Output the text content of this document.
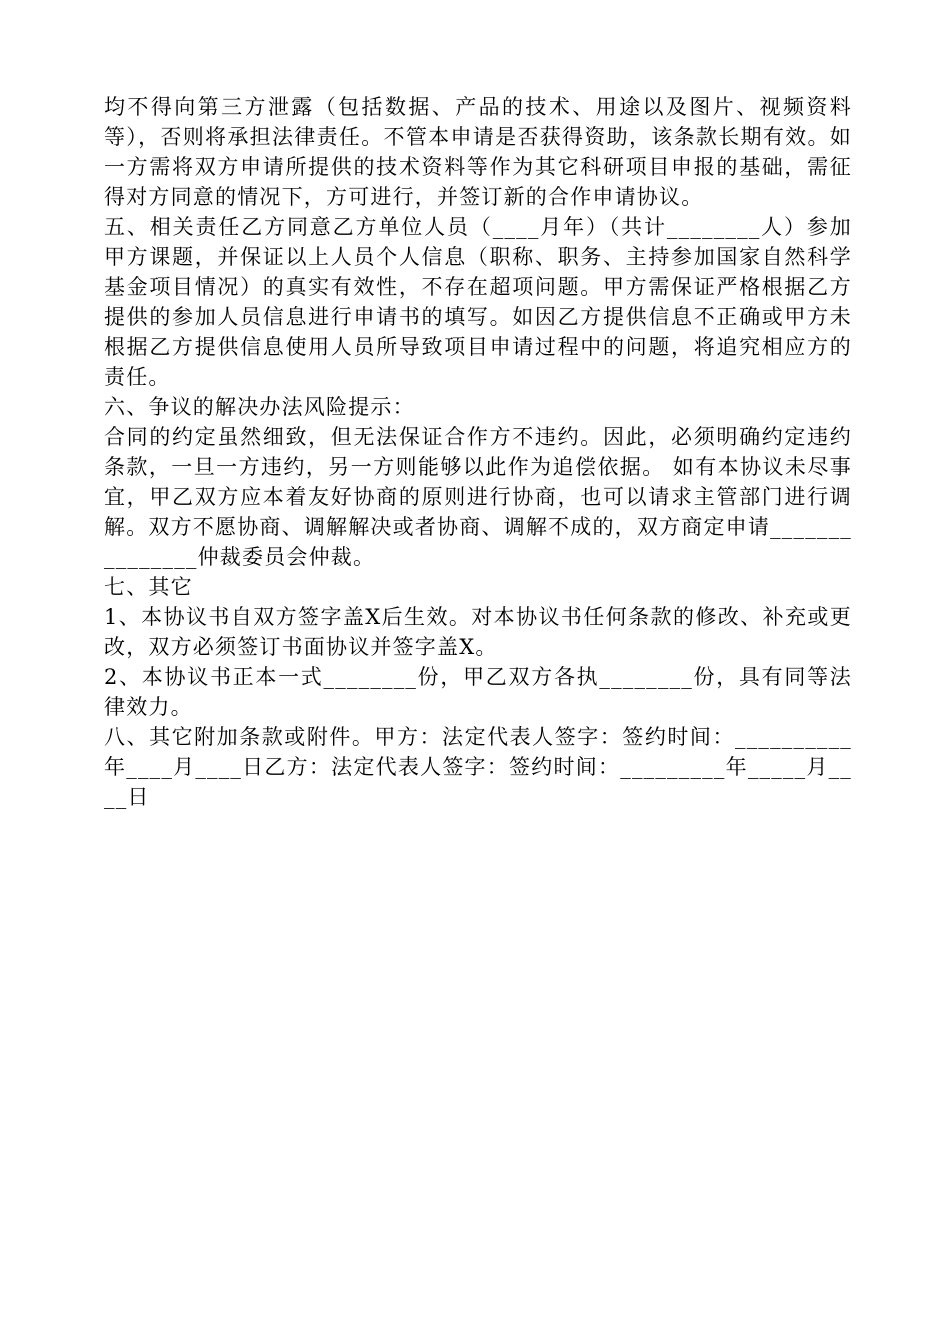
均不得向第三方泄露（包括数据、产品的技术、用途以及图片、视频资料等），否则将承担法律责任。不管本申请是否获得资助，该条款长期有效。如一方需将双方申请所提供的技术资料等作为其它科研项目申报的基础，需征得对方同意的情况下，方可进行，并签订新的合作申请协议。

五、相关责任乙方同意乙方单位人员（____月年）（共计________人）参加甲方课题，并保证以上人员个人信息（职称、职务、主持参加国家自然科学基金项目情况）的真实有效性，不存在超项问题。甲方需保证严格根据乙方提供的参加人员信息进行申请书的填写。如因乙方提供信息不正确或甲方未根据乙方提供信息使用人员所导致项目申请过程中的问题，将追究相应方的责任。

六、争议的解决办法风险提示：

合同的约定虽然细致，但无法保证合作方不违约。因此，必须明确约定违约条款，一旦一方违约，另一方则能够以此作为追偿依据。 如有本协议未尽事宜，甲乙双方应本着友好协商的原则进行协商，也可以请求主管部门进行调解。双方不愿协商、调解解决或者协商、调解不成的，双方商定申请_______________仲裁委员会仲裁。

七、其它

1、本协议书自双方签字盖X后生效。对本协议书任何条款的修改、补充或更改，双方必须签订书面协议并签字盖X。

2、本协议书正本一式________份，甲乙双方各执________份，具有同等法律效力。

八、其它附加条款或附件。甲方：法定代表人签字：签约时间：__________年____月____日乙方：法定代表人签字：签约时间：_________年_____月____日
